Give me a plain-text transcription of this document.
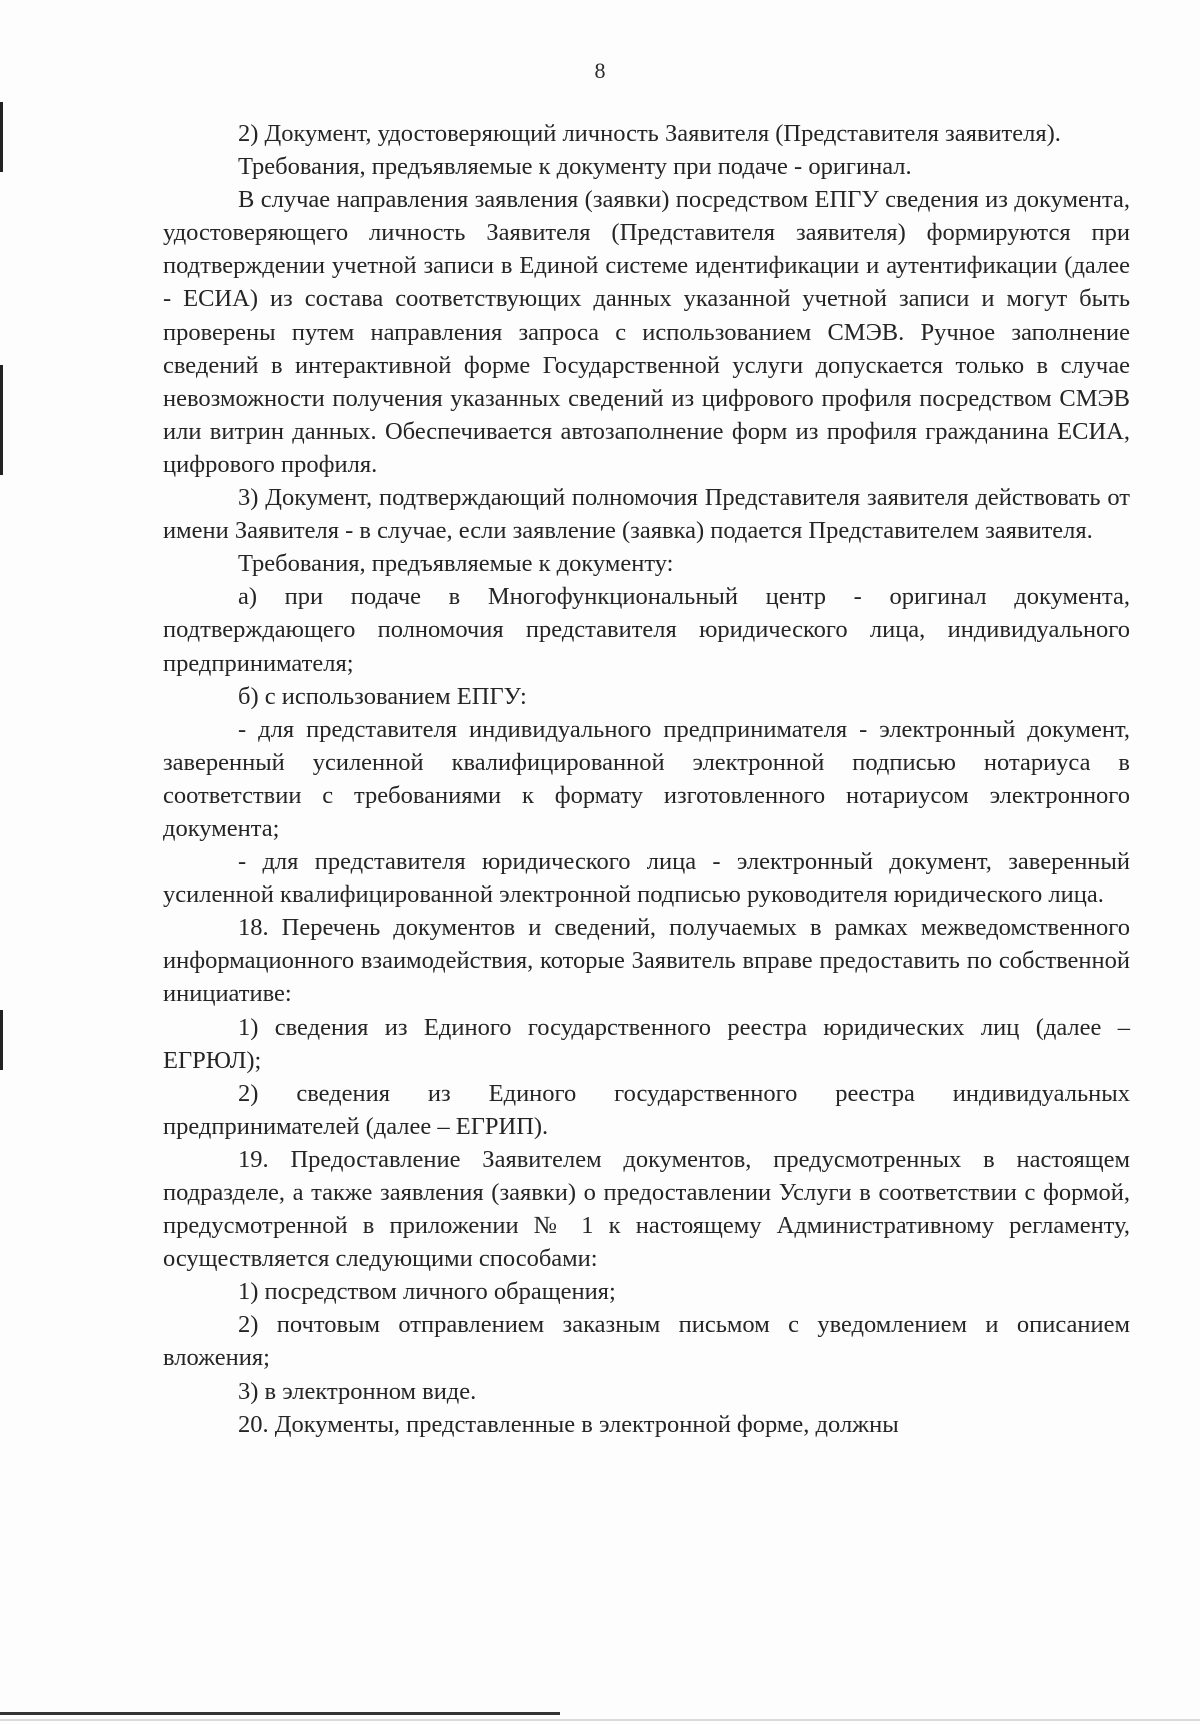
8

2) Документ, удостоверяющий личность Заявителя (Представителя заявителя).

Требования, предъявляемые к документу при подаче - оригинал.

В случае направления заявления (заявки) посредством ЕПГУ сведения из документа, удостоверяющего личность Заявителя (Представителя заявителя) формируются при подтверждении учетной записи в Единой системе идентификации и аутентификации (далее - ЕСИА) из состава соответствующих данных указанной учетной записи и могут быть проверены путем направления запроса с использованием СМЭВ. Ручное заполнение сведений в интерактивной форме Государственной услуги допускается только в случае невозможности получения указанных сведений из цифрового профиля посредством СМЭВ или витрин данных. Обеспечивается автозаполнение форм из профиля гражданина ЕСИА, цифрового профиля.

3) Документ, подтверждающий полномочия Представителя заявителя действовать от имени Заявителя - в случае, если заявление (заявка) подается Представителем заявителя.

Требования, предъявляемые к документу:

а) при подаче в Многофункциональный центр - оригинал документа, подтверждающего полномочия представителя юридического лица, индивидуального предпринимателя;

б) с использованием ЕПГУ:

- для представителя индивидуального предпринимателя - электронный документ, заверенный усиленной квалифицированной электронной подписью нотариуса в соответствии с требованиями к формату изготовленного нотариусом электронного документа;

- для представителя юридического лица - электронный документ, заверенный усиленной квалифицированной электронной подписью руководителя юридического лица.

18. Перечень документов и сведений, получаемых в рамках межведомственного информационного взаимодействия, которые Заявитель вправе предоставить по собственной инициативе:

1) сведения из Единого государственного реестра юридических лиц (далее – ЕГРЮЛ);

2) сведения из Единого государственного реестра индивидуальных предпринимателей (далее – ЕГРИП).

19. Предоставление Заявителем документов, предусмотренных в настоящем подразделе, а также заявления (заявки) о предоставлении Услуги в соответствии с формой, предусмотренной в приложении № 1 к настоящему Административному регламенту, осуществляется следующими способами:

1) посредством личного обращения;

2) почтовым отправлением заказным письмом с уведомлением и описанием вложения;

3) в электронном виде.

20. Документы, представленные в электронной форме, должны
